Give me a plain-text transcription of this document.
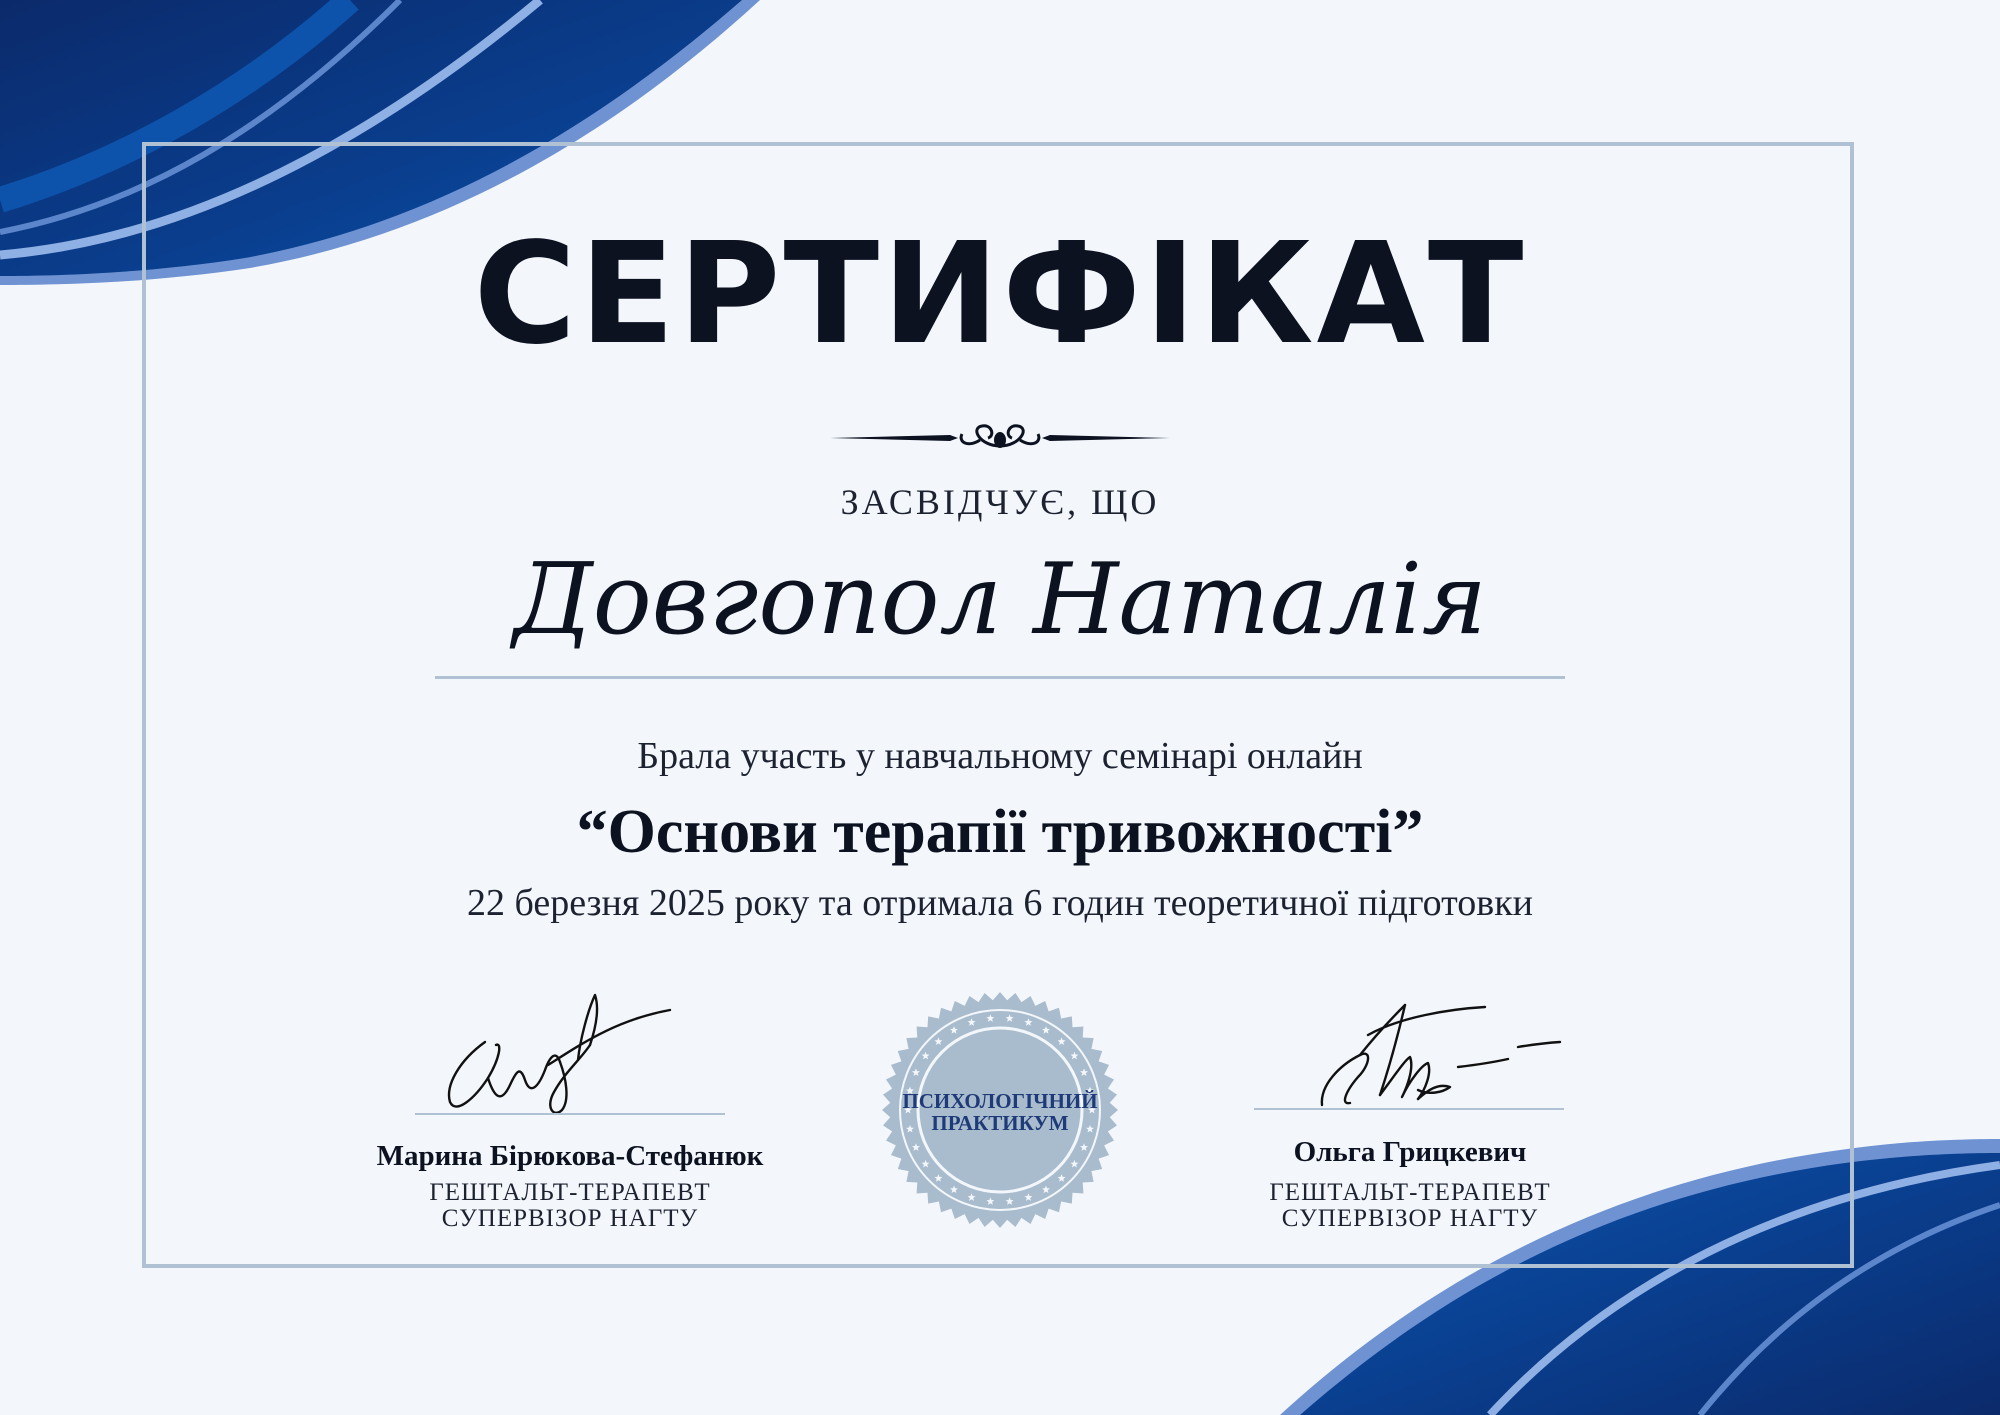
СЕРТИФІКАТ
ЗАСВІДЧУЄ, ЩО
Довгопол Наталія
Брала участь у навчальному семінарі онлайн
“Основи терапії тривожності”
22 березня 2025 року та отримала 6 годин теоретичної підготовки
Марина Бірюкова-Стефанюк
ГЕШТАЛЬТ-ТЕРАПЕВТ
СУПЕРВІЗОР НАГТУ
Ольга Грицкевич
ГЕШТАЛЬТ-ТЕРАПЕВТ
СУПЕРВІЗОР НАГТУ
ПСИХОЛОГІЧНИЙ
ПРАКТИКУМ
